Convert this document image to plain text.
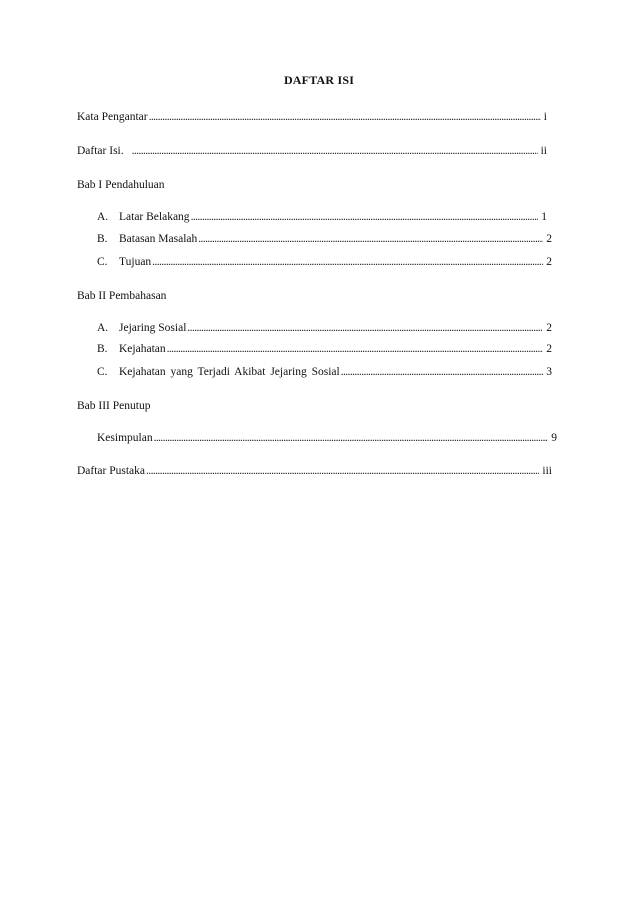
DAFTAR ISI
Kata Pengantar .....	i
Daftar Isi. .....	ii
Bab I Pendahuluan
A. Latar Belakang .....	1
B. Batasan Masalah .....	2
C. Tujuan .....	2
Bab II Pembahasan
A. Jejaring Sosial .....	2
B. Kejahatan .....	2
C. Kejahatan yang Terjadi Akibat Jejaring Sosial .....	3
Bab III Penutup
Kesimpulan .....	9
Daftar Pustaka .....	iii
